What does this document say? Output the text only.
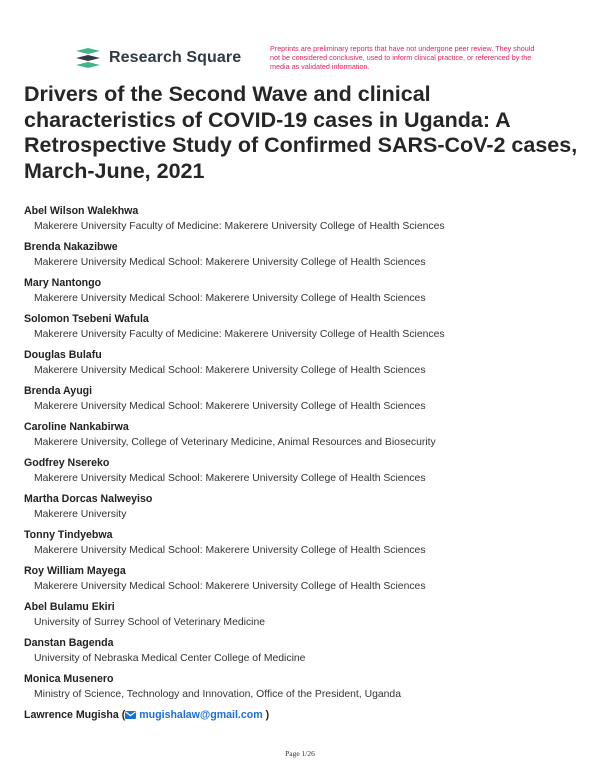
Research Square
Preprints are preliminary reports that have not undergone peer review. They should not be considered conclusive, used to inform clinical practice, or referenced by the media as validated information.
Drivers of the Second Wave and clinical characteristics of COVID-19 cases in Uganda: A Retrospective Study of Confirmed SARS-CoV-2 cases, March-June, 2021
Abel Wilson Walekhwa
Makerere University Faculty of Medicine: Makerere University College of Health Sciences
Brenda Nakazibwe
Makerere University Medical School: Makerere University College of Health Sciences
Mary Nantongo
Makerere University Medical School: Makerere University College of Health Sciences
Solomon Tsebeni Wafula
Makerere University Faculty of Medicine: Makerere University College of Health Sciences
Douglas Bulafu
Makerere University Medical School: Makerere University College of Health Sciences
Brenda Ayugi
Makerere University Medical School: Makerere University College of Health Sciences
Caroline Nankabirwa
Makerere University, College of Veterinary Medicine, Animal Resources and Biosecurity
Godfrey Nsereko
Makerere University Medical School: Makerere University College of Health Sciences
Martha Dorcas Nalweyiso
Makerere University
Tonny Tindyebwa
Makerere University Medical School: Makerere University College of Health Sciences
Roy William Mayega
Makerere University Medical School: Makerere University College of Health Sciences
Abel Bulamu Ekiri
University of Surrey School of Veterinary Medicine
Danstan Bagenda
University of Nebraska Medical Center College of Medicine
Monica Musenero
Ministry of Science, Technology and Innovation, Office of the President, Uganda
Lawrence Mugisha ( mugishalaw@gmail.com )
Page 1/26
